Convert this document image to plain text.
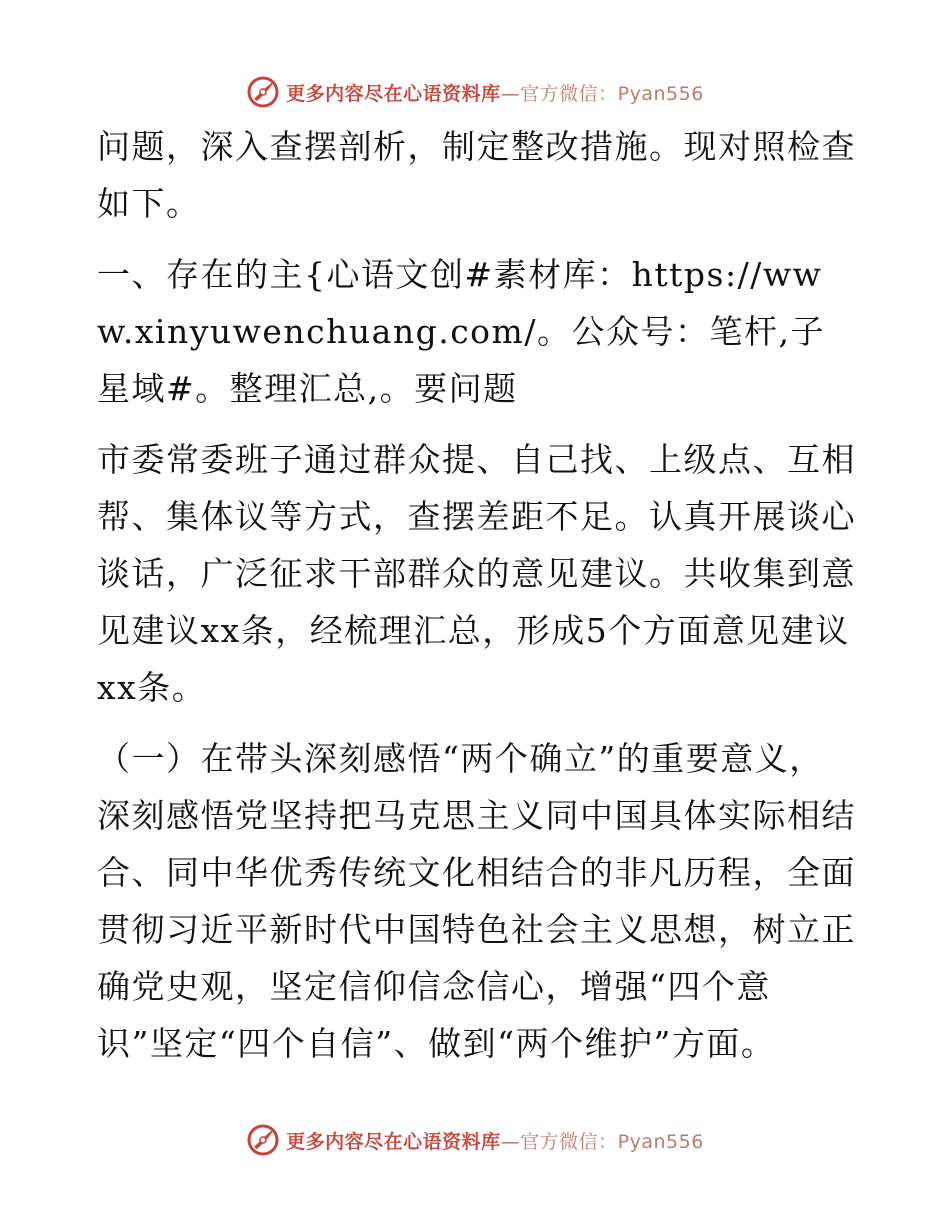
更多内容尽在心语资料库—官方微信：Pyan556

问题，深入查摆剖析，制定整改措施。现对照检查如下。

一、存在的主{心语文创#素材库：https://www.xinyuwenchuang.com/。公众号：笔杆,子星域#。整理汇总,。要问题

市委常委班子通过群众提、自己找、上级点、互相帮、集体议等方式，查摆差距不足。认真开展谈心谈话，广泛征求干部群众的意见建议。共收集到意见建议xx条，经梳理汇总，形成5个方面意见建议xx条。

（一）在带头深刻感悟“两个确立”的重要意义，深刻感悟党坚持把马克思主义同中国具体实际相结合、同中华优秀传统文化相结合的非凡历程，全面贯彻习近平新时代中国特色社会主义思想，树立正确党史观，坚定信仰信念信心，增强“四个意识”坚定“四个自信”、做到“两个维护”方面。

更多内容尽在心语资料库—官方微信：Pyan556
